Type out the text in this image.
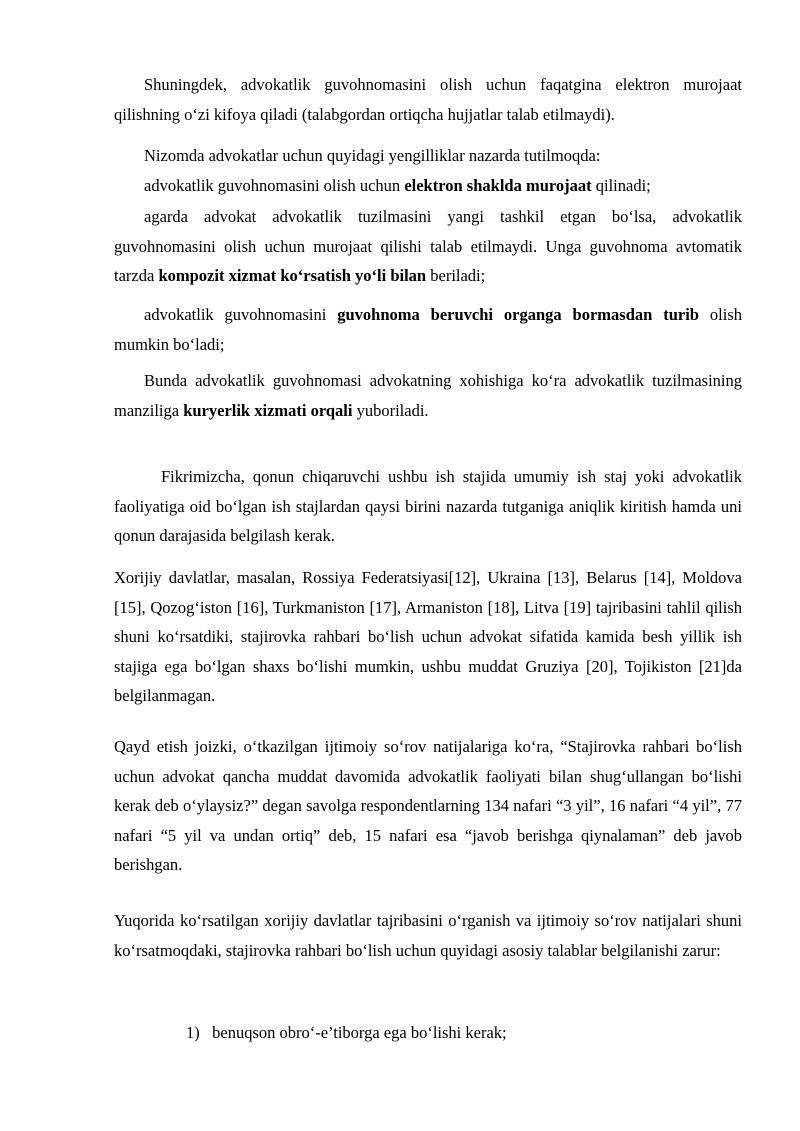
Shuningdek, advokatlik guvohnomasini olish uchun faqatgina elektron murojaat qilishning oʻzi kifoya qiladi (talabgordan ortiqcha hujjatlar talab etilmaydi).

Nizomda advokatlar uchun quyidagi yengilliklar nazarda tutilmoqda:

advokatlik guvohnomasini olish uchun elektron shaklda murojaat qilinadi;

agarda advokat advokatlik tuzilmasini yangi tashkil etgan boʻlsa, advokatlik guvohnomasini olish uchun murojaat qilishi talab etilmaydi. Unga guvohnoma avtomatik tarzda kompozit xizmat koʻrsatish yoʻli bilan beriladi;

advokatlik guvohnomasini guvohnoma beruvchi organga bormasdan turib olish mumkin boʻladi;

Bunda advokatlik guvohnomasi advokatning xohishiga koʻra advokatlik tuzilmasining manziliga kuryerlik xizmati orqali yuboriladi.

Fikrimizcha, qonun chiqaruvchi ushbu ish stajida umumiy ish staj yoki advokatlik faoliyatiga oid boʻlgan ish stajlardan qaysi birini nazarda tutganiga aniqlik kiritish hamda uni qonun darajasida belgilash kerak.

Xorijiy davlatlar, masalan, Rossiya Federatsiyasi[12], Ukraina [13], Belarus [14], Moldova [15], Qozogʻiston [16], Turkmaniston [17], Armaniston [18], Litva [19] tajribasini tahlil qilish shuni koʻrsatdiki, stajirovka rahbari boʻlish uchun advokat sifatida kamida besh yillik ish stajiga ega boʻlgan shaxs boʻlishi mumkin, ushbu muddat Gruziya [20], Tojikiston [21]da belgilanmagan.

Qayd etish joizki, oʻtkazilgan ijtimoiy soʻrov natijalariga koʻra, “Stajirovka rahbari boʻlish uchun advokat qancha muddat davomida advokatlik faoliyati bilan shugʻullangan boʻlishi kerak deb oʻylaysiz?” degan savolga respondentlarning 134 nafari “3 yil”, 16 nafari “4 yil”, 77 nafari “5 yil va undan ortiq” deb, 15 nafari esa “javob berishga qiynalaman” deb javob berishgan.

Yuqorida koʻrsatilgan xorijiy davlatlar tajribasini oʻrganish va ijtimoiy soʻrov natijalari shuni koʻrsatmoqdaki, stajirovka rahbari boʻlish uchun quyidagi asosiy talablar belgilanishi zarur:

1) benuqson obroʻ-e’tiborga ega boʻlishi kerak;
